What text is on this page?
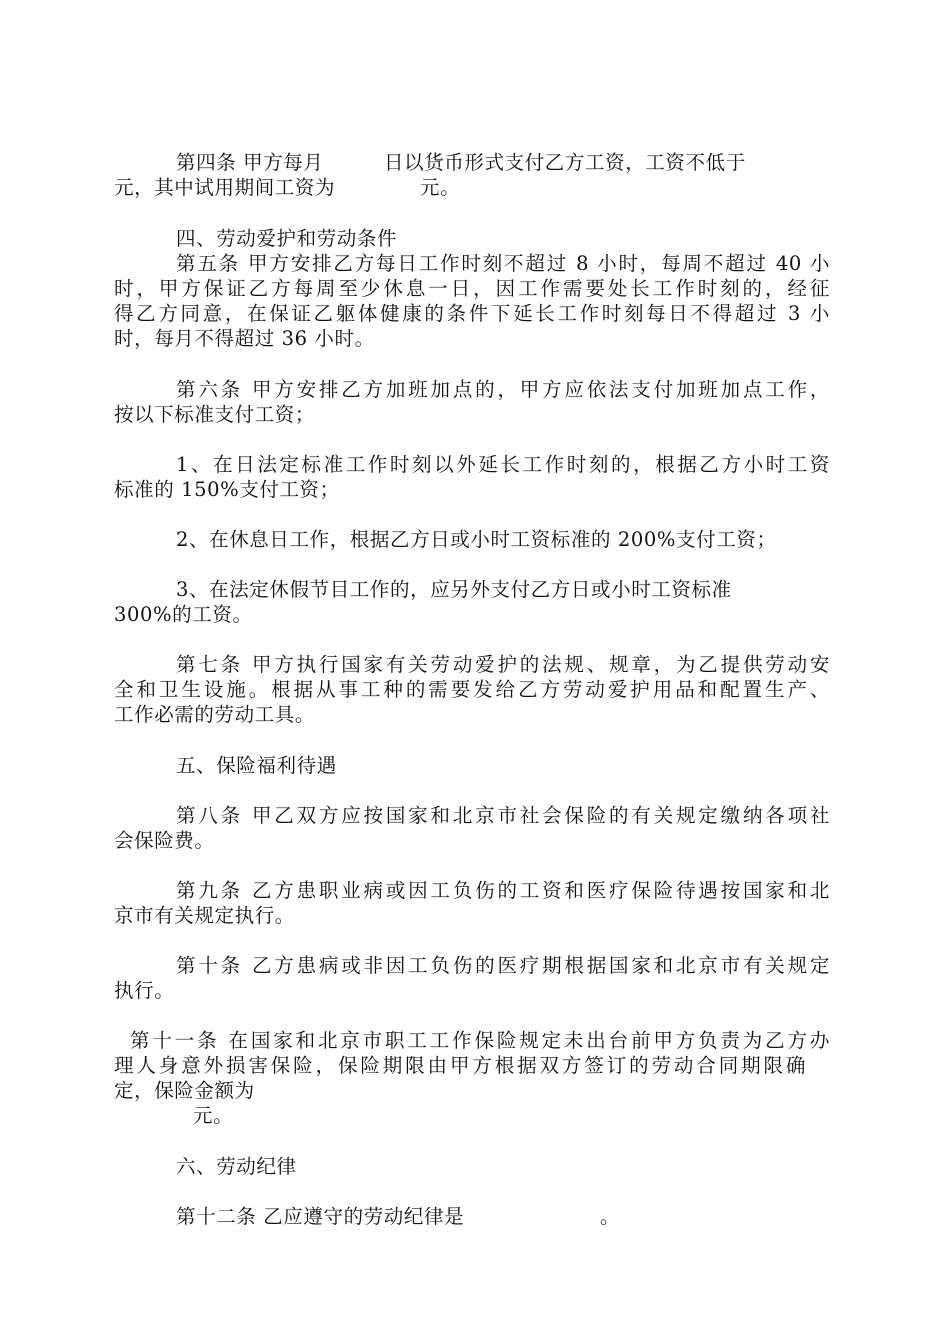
第四条 甲方每月	日以货币形式支付乙方工资，工资不低于
元，其中试用期间工资为	元。
四、劳动爱护和劳动条件
第五条 甲方安排乙方每日工作时刻不超过 8 小时，每周不超过 40 小
时，甲方保证乙方每周至少休息一日，因工作需要处长工作时刻的，经征
得乙方同意，在保证乙躯体健康的条件下延长工作时刻每日不得超过 3 小
时，每月不得超过 36 小时。
第六条 甲方安排乙方加班加点的，甲方应依法支付加班加点工作，
按以下标准支付工资；
1、在日法定标准工作时刻以外延长工作时刻的，根据乙方小时工资
标准的 150%支付工资；
2、在休息日工作，根据乙方日或小时工资标准的 200%支付工资；
3、在法定休假节目工作的，应另外支付乙方日或小时工资标准
300%的工资。
第七条 甲方执行国家有关劳动爱护的法规、规章，为乙提供劳动安
全和卫生设施。根据从事工种的需要发给乙方劳动爱护用品和配置生产、
工作必需的劳动工具。
五、保险福利待遇
第八条 甲乙双方应按国家和北京市社会保险的有关规定缴纳各项社
会保险费。
第九条 乙方患职业病或因工负伤的工资和医疗保险待遇按国家和北
京市有关规定执行。
第十条 乙方患病或非因工负伤的医疗期根据国家和北京市有关规定
执行。
第十一条 在国家和北京市职工工作保险规定未出台前甲方负责为乙方办
理人身意外损害保险，保险期限由甲方根据双方签订的劳动合同期限确
定，保险金额为
元。
六、劳动纪律
第十二条 乙应遵守的劳动纪律是	。
